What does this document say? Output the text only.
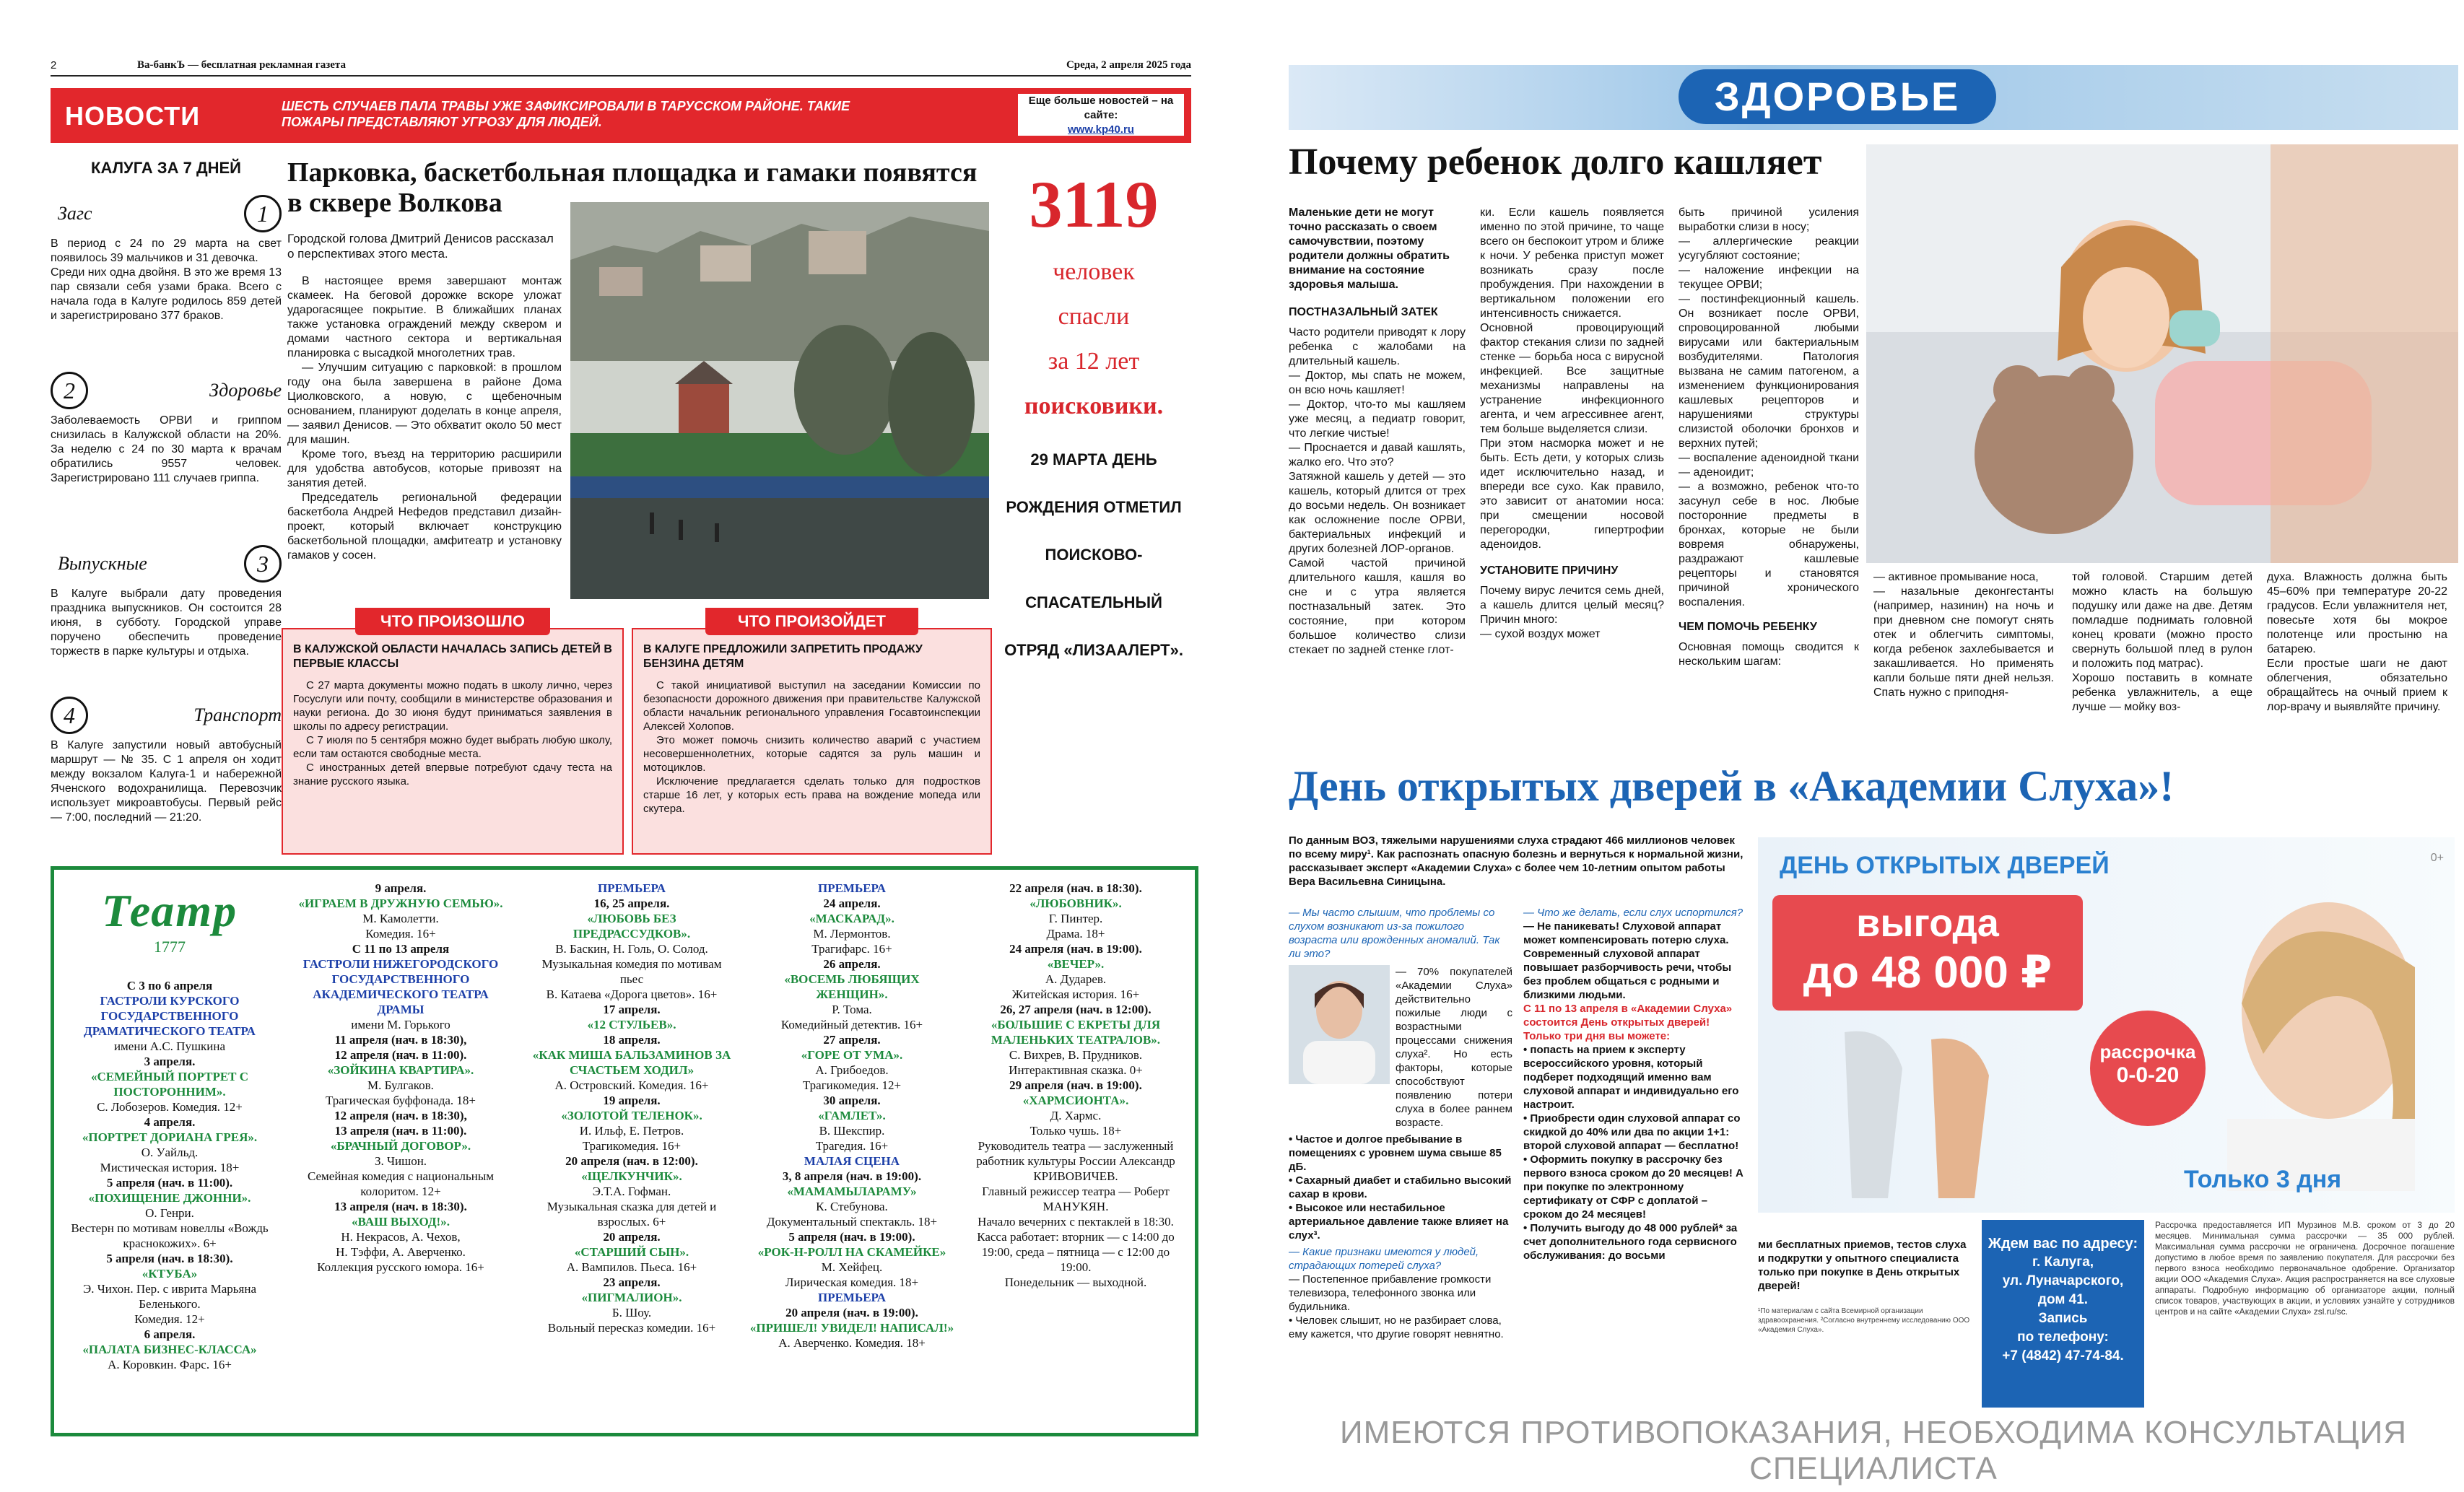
2	Ва-банкЪ — бесплатная рекламная газета	Среда, 2 апреля 2025 года
НОВОСТИ	ШЕСТЬ СЛУЧАЕВ ПАЛА ТРАВЫ УЖЕ ЗАФИКСИРОВАЛИ В ТАРУССКОМ РАЙОНЕ. ТАКИЕ ПОЖАРЫ ПРЕДСТАВЛЯЮТ УГРОЗУ ДЛЯ ЛЮДЕЙ.
Еще больше новостей – на сайте:
www.kp40.ru
КАЛУГА ЗА 7 ДНЕЙ
Загс	1

В период с 24 по 29 марта на свет появилось 39 мальчиков и 31 девочка.
Среди них одна двойня. В это же время 13 пар связали себя узами брака. Всего с начала года в Калуге родилось 859 детей и зарегистрировано 377 браков.

2	Здоровье

Заболеваемость ОРВИ и гриппом снизилась в Калужской области на 20%. За неделю с 24 по 30 марта к врачам обратились 9557 человек. Зарегистрировано 111 случаев гриппа.

Выпускные	3

В Калуге выбрали дату проведения праздника выпускников. Он состоится 28 июня, в субботу. Городской управе поручено обеспечить проведение торжеств в парке культуры и отдыха.

4	Транспорт

В Калуге запустили новый автобусный маршрут — № 35. С 1 апреля он ходит между вокзалом Калуга-1 и набережной Яченского водохранилища. Перевозчик использует микроавтобусы. Первый рейс — 7:00, последний — 21:20.

Парковка, баскетбольная площадка и гамаки появятся в сквере Волкова

Городской голова Дмитрий Денисов рассказал о перспективах этого места.

В настоящее время завершают монтаж скамеек. На беговой дорожке вскоре уложат ударогасящее покрытие. В ближайших планах также установка ограждений между сквером и домами частного сектора и вертикальная планировка с высадкой многолетних трав.

— Улучшим ситуацию с парковкой: в прошлом году она была завершена в районе Дома Циолковского, а новую, с щебеночным основанием, планируют доделать в конце апреля, — заявил Денисов. — Это обхватит около 50 мест для машин.

Кроме того, въезд на территорию расширили для удобства автобусов, которые привозят на занятия детей.

Председатель региональной федерации баскетбола Андрей Нефедов представил дизайн-проект, который включает конструкцию баскетбольной площадки, амфитеатр и установку гамаков у сосен.

3119
человек
спасли
за 12 лет
поисковики.
29 МАРТА ДЕНЬ
РОЖДЕНИЯ ОТМЕТИЛ
ПОИСКОВО-
СПАСАТЕЛЬНЫЙ
ОТРЯД «ЛИЗААЛЕРТ».
ЧТО ПРОИЗОШЛО
В КАЛУЖСКОЙ ОБЛАСТИ НАЧАЛАСЬ ЗАПИСЬ ДЕТЕЙ В ПЕРВЫЕ КЛАССЫ

С 27 марта документы можно подать в школу лично, через Госуслуги или почту, сообщили в министерстве образования и науки региона. До 30 июня будут приниматься заявления в школы по адресу регистрации.

С 7 июля по 5 сентября можно будет выбрать любую школу, если там остаются свободные места.

С иностранных детей впервые потребуют сдачу теста на знание русского языка.

ЧТО ПРОИЗОЙДЕТ
В КАЛУГЕ ПРЕДЛОЖИЛИ ЗАПРЕТИТЬ ПРОДАЖУ БЕНЗИНА ДЕТЯМ

С такой инициативой выступил на заседании Комиссии по безопасности дорожного движения при правительстве Калужской области начальник регионального управления Госавтоинспекции Алексей Холопов.

Это может помочь снизить количество аварий с участием несовершеннолетних, которые садятся за руль машин и мотоциклов.

Исключение предлагается сделать только для подростков старше 16 лет, у которых есть права на вождение мопеда или скутера.

Театр
1777
С 3 по 6 апреля
ГАСТРОЛИ КУРСКОГО ГОСУДАРСТВЕННОГО ДРАМАТИЧЕСКОГО ТЕАТРА
имени А.С. Пушкина
3 апреля.
«СЕМЕЙНЫЙ ПОРТРЕТ С ПОСТОРОННИМ».
С. Лобозеров. Комедия. 12+
4 апреля.
«ПОРТРЕТ ДОРИАНА ГРЕЯ».
О. Уайльд.
Мистическая история. 18+
5 апреля (нач. в 11:00).
«ПОХИЩЕНИЕ ДЖОННИ».
О. Генри.
Вестерн по мотивам новеллы «Вождь краснокожих». 6+
5 апреля (нач. в 18:30).
«КТУБА»
Э. Чихон. Пер. с иврита Марьяна Беленького.
Комедия. 12+
6 апреля.
«ПАЛАТА БИЗНЕС-КЛАССА»
А. Коровкин. Фарс. 16+
9 апреля.
«ИГРАЕМ В ДРУЖНУЮ СЕМЬЮ».
М. Камолетти.
Комедия. 16+
С 11 по 13 апреля
ГАСТРОЛИ НИЖЕГОРОДСКОГО ГОСУДАРСТВЕННОГО АКАДЕМИЧЕСКОГО ТЕАТРА ДРАМЫ
имени М. Горького
11 апреля (нач. в 18:30),
12 апреля (нач. в 11:00).
«ЗОЙКИНА КВАРТИРА».
М. Булгаков.
Трагическая буффонада. 18+
12 апреля (нач. в 18:30),
13 апреля (нач. в 11:00).
«БРАЧНЫЙ ДОГОВОР».
З. Чишон.
Семейная комедия с национальным колоритом. 12+
13 апреля (нач. в 18:30).
«ВАШ ВЫХОД!».
Н. Некрасов, А. Чехов,
Н. Тэффи, А. Аверченко.
Коллекция русского юмора. 16+
ПРЕМЬЕРА
16, 25 апреля.
«ЛЮБОВЬ БЕЗ ПРЕДРАССУДКОВ».
В. Баскин, Н. Голь, О. Солод.
Музыкальная комедия по мотивам пьес
В. Катаева «Дорога цветов». 16+
17 апреля.
«12 СТУЛЬЕВ».
18 апреля.
«КАК МИША БАЛЬЗАМИНОВ ЗА СЧАСТЬЕМ ХОДИЛ»
А. Островский. Комедия. 16+
19 апреля.
«ЗОЛОТОЙ ТЕЛЕНОК».
И. Ильф, Е. Петров.
Трагикомедия. 16+
20 апреля (нач. в 12:00).
«ЩЕЛКУНЧИК».
Э.Т.А. Гофман.
Музыкальная сказка для детей и взрослых. 6+
20 апреля.
«СТАРШИЙ СЫН».
А. Вампилов. Пьеса. 16+
23 апреля.
«ПИГМАЛИОН».
Б. Шоу.
Вольный пересказ комедии. 16+
ПРЕМЬЕРА
24 апреля.
«МАСКАРАД».
М. Лермонтов.
Трагифарс. 16+
26 апреля.
«ВОСЕМЬ ЛЮБЯЩИХ ЖЕНЩИН».
Р. Тома.
Комедийный детектив. 16+
27 апреля.
«ГОРЕ ОТ УМА».
А. Грибоедов.
Трагикомедия. 12+
30 апреля.
«ГАМЛЕТ».
В. Шекспир.
Трагедия. 16+
МАЛАЯ СЦЕНА
3, 8 апреля (нач. в 19:00).
«МАМАМЫЛАРАМУ»
К. Стебунова.
Документальный спектакль. 18+
5 апреля (нач. в 19:00).
«РОК-Н-РОЛЛ НА СКАМЕЙКЕ»
М. Хейфец.
Лирическая комедия. 18+
ПРЕМЬЕРА
20 апреля (нач. в 19:00).
«ПРИШЕЛ! УВИДЕЛ! НАПИСАЛ!»
А. Аверченко. Комедия. 18+
22 апреля (нач. в 18:30).
«ЛЮБОВНИК».
Г. Пинтер.
Драма. 18+
24 апреля (нач. в 19:00).
«ВЕЧЕР».
А. Дударев.
Житейская история. 16+
26, 27 апреля (нач. в 12:00).
«БОЛЬШИЕ С ЕКРЕТЫ ДЛЯ МАЛЕНЬКИХ ТЕАТРАЛОВ».
С. Вихрев, В. Прудников.
Интерактивная сказка. 0+
29 апреля (нач. в 19:00).
«ХАРМСИОНТА».
Д. Хармс.
Только чушь. 18+
Руководитель театра — заслуженный работник культуры России Александр КРИВОВИЧЕВ.
Главный режиссер театра — Роберт МАНУКЯН.
Начало вечерних с пектаклей в 18:30.
Касса работает: вторник — с 14:00 до 19:00, среда – пятница — с 12:00 до 19:00.
Понедельник — выходной.
ЗДОРОВЬЕ
Почему ребенок долго кашляет

Маленькие дети не могут точно рассказать о своем самочувствии, поэтому родители должны обратить внимание на состояние здоровья малыша.

ПОСТНАЗАЛЬНЫЙ ЗАТЕК

Часто родители приводят к лору ребенка с жалобами на длительный кашель.
— Доктор, мы спать не можем, он всю ночь кашляет!
— Доктор, что-то мы кашляем уже месяц, а педиатр говорит, что легкие чистые!
— Проснается и давай кашлять, жалко его. Что это?
Затяжной кашель у детей — это кашель, который длится от трех до восьми недель. Он возникает как осложнение после ОРВИ, бактериальных инфекций и других болезней ЛОР-органов.
Самой частой причиной длительного кашля, кашля во сне и с утра является постназальный затек. Это состояние, при котором большое количество слизи стекает по задней стенке глот-

ки. Если кашель появляется именно по этой причине, то чаще всего он беспокоит утром и ближе к ночи. У ребенка приступ может возникать сразу после пробуждения. При нахождении в вертикальном положении его интенсивность снижается.
Основной провоцирующий фактор стекания слизи по задней стенке — борьба носа с вирусной инфекцией. Все защитные механизмы направлены на устранение инфекционного агента, и чем агрессивнее агент, тем больше выделяется слизи.
При этом насморка может и не быть. Есть дети, у которых слизь идет исключительно назад, и впереди все сухо. Как правило, это зависит от анатомии носа: при смещении носовой перегородки, гипертрофии аденоидов.

УСТАНОВИТЕ ПРИЧИНУ

Почему вирус лечится семь дней, а кашель длится целый месяц? Причин много:
— сухой воздух может

быть причиной усиления выработки слизи в носу;
— аллергические реакции усугубляют состояние;
— наложение инфекции на текущее ОРВИ;
— постинфекционный кашель. Он возникает после ОРВИ, спровоцированной любыми вирусами или бактериальным возбудителями. Патология вызвана не самим патогеном, а изменением функционирования кашлевых рецепторов и нарушениями структуры слизистой оболочки бронхов и верхних путей;
— воспаление аденоидной ткани — аденоидит;
— а возможно, ребенок что-то засунул себе в нос. Любые посторонние предметы в бронхах, которые не были вовремя обнаружены, раздражают кашлевые рецепторы и становятся причиной хронического воспаления.

ЧЕМ ПОМОЧЬ РЕБЕНКУ

Основная помощь сводится к нескольким шагам:

— активное промывание носа,
— назальные деконгестанты (например, назинин) на ночь и при дневном сне помогут снять отек и облегчить симптомы, когда ребенок захлебывается и закашливается. Но применять капли больше пяти дней нельзя. Спать нужно с приподня-
той головой. Старшим детей можно класть на большую подушку или даже на две. Детям помладше поднимать головной конец кровати (можно просто свернуть большой плед в рулон и положить под матрас).
Хорошо поставить в комнате ребенка увлажнитель, а еще лучше — мойку воз-
духа. Влажность должна быть 45–60% при температуре 20-22 градусов. Если увлажнителя нет, повесьте хотя бы мокрое полотенце или простыню на батарею.
Если простые шаги не дают облегчения, обязательно обращайтесь на очный прием к лор-врачу и выявляйте причину.
День открытых дверей в «Академии Слуха»!
По данным ВОЗ, тяжелыми нарушениями слуха страдают 466 миллионов человек по всему миру¹. Как распознать опасную болезнь и вернуться к нормальной жизни, рассказывает эксперт «Академии Слуха» с более чем 10-летним опытом работы Вера Васильевна Синицына.

— Мы часто слышим, что проблемы со слухом возникают из-за пожилого возраста или врожденных аномалий. Так ли это?

— 70% покупателей «Академии Слуха» действительно пожилые люди с возрастными процессами снижения слуха². Но есть факторы, которые способствуют появлению потери слуха в более раннем возрасте.

• Частое и долгое пребывание в помещениях с уровнем шума свыше 85 дБ.
• Сахарный диабет и стабильно высокий сахар в крови.
• Высокое или нестабильное артериальное давление также влияет на слух³.

— Какие признаки имеются у людей, страдающих потерей слуха?

— Постепенное прибавление громкости телевизора, телефонного звонка или будильника.
• Человек слышит, но не разбирает слова, ему кажется, что другие говорят невнятно.

— Что же делать, если слух испортился?

— Не паникевать! Слуховой аппарат может компенсировать потерю слуха.
Современный слуховой аппарат повышает разборчивость речи, чтобы без проблем общаться с родными и близкими людьми.

С 11 по 13 апреля в «Академии Слуха» состоится День открытых дверей! Только три дня вы можете:

• попасть на прием к эксперту всероссийского уровня, который подберет подходящий именно вам слуховой аппарат и индивидуально его настроит.
• Приобрести один слуховой аппарат со скидкой до 40% или два по акции 1+1: второй слуховой аппарат — бесплатно!
• Оформить покупку в рассрочку без первого взноса сроком до 20 месяцев! А при покупке по электронному сертификату от СФР с доплатой – сроком до 24 месяцев!
• Получить выгоду до 48 000 рублей* за счет дополнительного года сервисного обслуживания: до восьми

ми бесплатных приемов, тестов слуха и подкрутки у опытного специалиста только при покупке в День открытых дверей!
¹По материалам с сайта Всемирной организации здравоохранения. ²Согласно внутреннему исследованию ООО «Академия Слуха».
ДЕНЬ ОТКРЫТЫХ ДВЕРЕЙ	0+
выгода
до 48 000 ₽
рассрочка
0-0-20
Только 3 дня
Ждем вас по адресу:
г. Калуга,
ул. Луначарского,
дом 41.
Запись
по телефону:
+7 (4842) 47-74-84.
Рассрочка предоставляется ИП Мурзинов М.В. сроком от 3 до 20 месяцев. Минимальная сумма рассрочки — 35 000 рублей. Максимальная сумма рассрочки не ограничена. Досрочное погашение допустимо в любое время по заявлению покупателя. Для рассрочки без первого взноса необходимо первоначальное одобрение. Организатор акции ООО «Академия Слуха». Акция распространяется на все слуховые аппараты. Подробную информацию об организаторе акции, полный список товаров, участвующих в акции, и условиях узнайте у сотрудников центров и на сайте «Академии Слуха» zsl.ru/sc.
ИМЕЮТСЯ ПРОТИВОПОКАЗАНИЯ, НЕОБХОДИМА КОНСУЛЬТАЦИЯ СПЕЦИАЛИСТА
